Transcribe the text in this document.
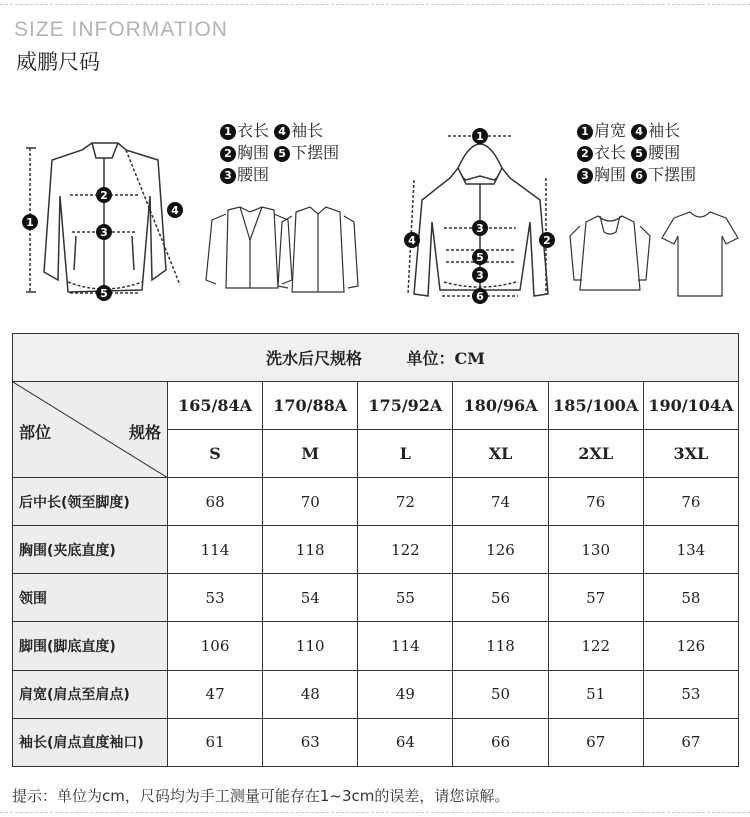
SIZE INFORMATION
威鹏尺码
1
2
3
4
5
1
3
5
3
6
2
4
1 衣长 4 袖长
2 胸围 5 下摆围
3 腰围
1 肩宽 4 袖长
2 衣长 5 腰围
3 胸围 6 下摆围
洗水后尺规格        单位：CM						

部位 规格	165/84A	170/88A	175/92A	180/96A	185/100A	190/104A
	S	M	L	XL	2XL	3XL
后中长(领至脚度)	68	70	72	74	76	76
胸围(夹底直度)	114	118	122	126	130	134
领围	53	54	55	56	57	58
脚围(脚底直度)	106	110	114	118	122	126
肩宽(肩点至肩点)	47	48	49	50	51	53
袖长(肩点直度袖口)	61	63	64	66	67	67
提示：单位为cm，尺码均为手工测量可能存在1~3cm的误差，请您谅解。
